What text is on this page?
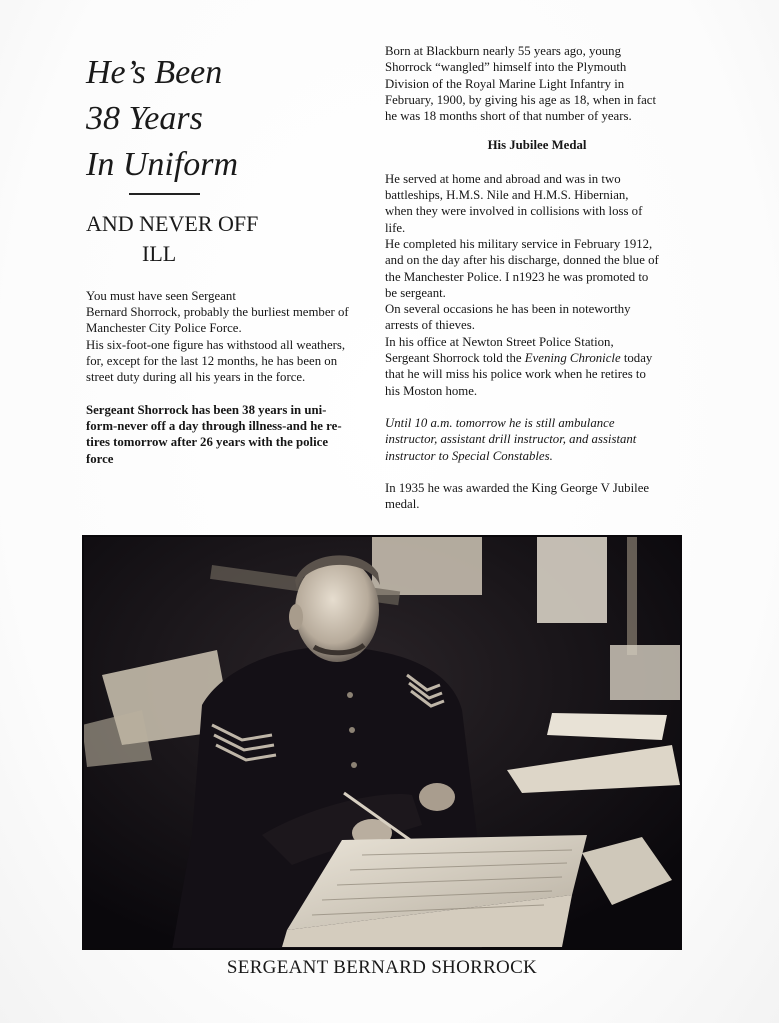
He’s Been
38 Years
In Uniform
AND NEVER OFF
ILL
You must have seen Sergeant
Bernard Shorrock, probably the burliest member of
Manchester City Police Force.
His six-foot-one figure has withstood all weathers,
for, except for the last 12 months, he has been on
street duty during all his years in the force.
Sergeant Shorrock has been 38 years in uni-
form-never off a day through illness-and he re-
tires tomorrow after 26 years with the police
force
Born at Blackburn nearly 55 years ago, young
Shorrock “wangled” himself into the Plymouth
Division of the Royal Marine Light Infantry in
February, 1900, by giving his age as 18, when in fact
he was 18 months short of that number of years.
His Jubilee Medal
He served at home and abroad and was in two
battleships, H.M.S. Nile and H.M.S. Hibernian,
when they were involved in collisions with loss of
life.
He completed his military service in February 1912,
and on the day after his discharge, donned the blue of
the Manchester Police. I n1923 he was promoted to
be sergeant.
On several occasions he has been in noteworthy
arrests of thieves.
In his office at Newton Street Police Station,
Sergeant Shorrock told the Evening Chronicle today
that he will miss his police work when he retires to
his Moston home.
Until 10 a.m. tomorrow he is still ambulance
instructor, assistant drill instructor, and assistant
instructor to Special Constables.
In 1935 he was awarded the King George V Jubilee
medal.
SERGEANT BERNARD SHORROCK
